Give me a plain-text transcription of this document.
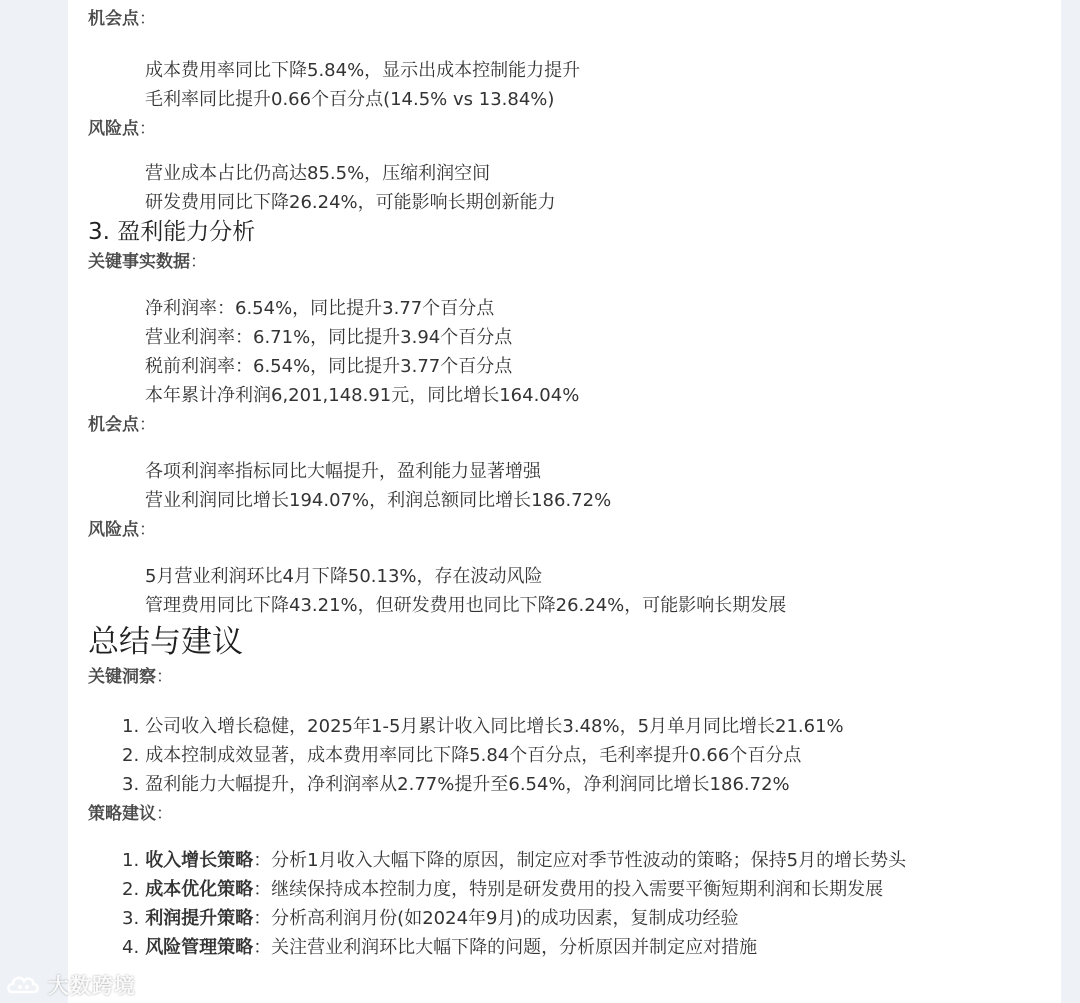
机会点：
成本费用率同比下降5.84%，显示出成本控制能力提升
毛利率同比提升0.66个百分点(14.5% vs 13.84%)
风险点：
营业成本占比仍高达85.5%，压缩利润空间
研发费用同比下降26.24%，可能影响长期创新能力
3. 盈利能力分析
关键事实数据：
净利润率：6.54%，同比提升3.77个百分点
营业利润率：6.71%，同比提升3.94个百分点
税前利润率：6.54%，同比提升3.77个百分点
本年累计净利润6,201,148.91元，同比增长164.04%
机会点：
各项利润率指标同比大幅提升，盈利能力显著增强
营业利润同比增长194.07%，利润总额同比增长186.72%
风险点：
5月营业利润环比4月下降50.13%，存在波动风险
管理费用同比下降43.21%，但研发费用也同比下降26.24%，可能影响长期发展
总结与建议
关键洞察：
1. 公司收入增长稳健，2025年1-5月累计收入同比增长3.48%，5月单月同比增长21.61%
2. 成本控制成效显著，成本费用率同比下降5.84个百分点，毛利率提升0.66个百分点
3. 盈利能力大幅提升，净利润率从2.77%提升至6.54%，净利润同比增长186.72%
策略建议：
1. 收入增长策略：分析1月收入大幅下降的原因，制定应对季节性波动的策略；保持5月的增长势头
2. 成本优化策略：继续保持成本控制力度，特别是研发费用的投入需要平衡短期利润和长期发展
3. 利润提升策略：分析高利润月份(如2024年9月)的成功因素，复制成功经验
4. 风险管理策略：关注营业利润环比大幅下降的问题，分析原因并制定应对措施
大数跨境
